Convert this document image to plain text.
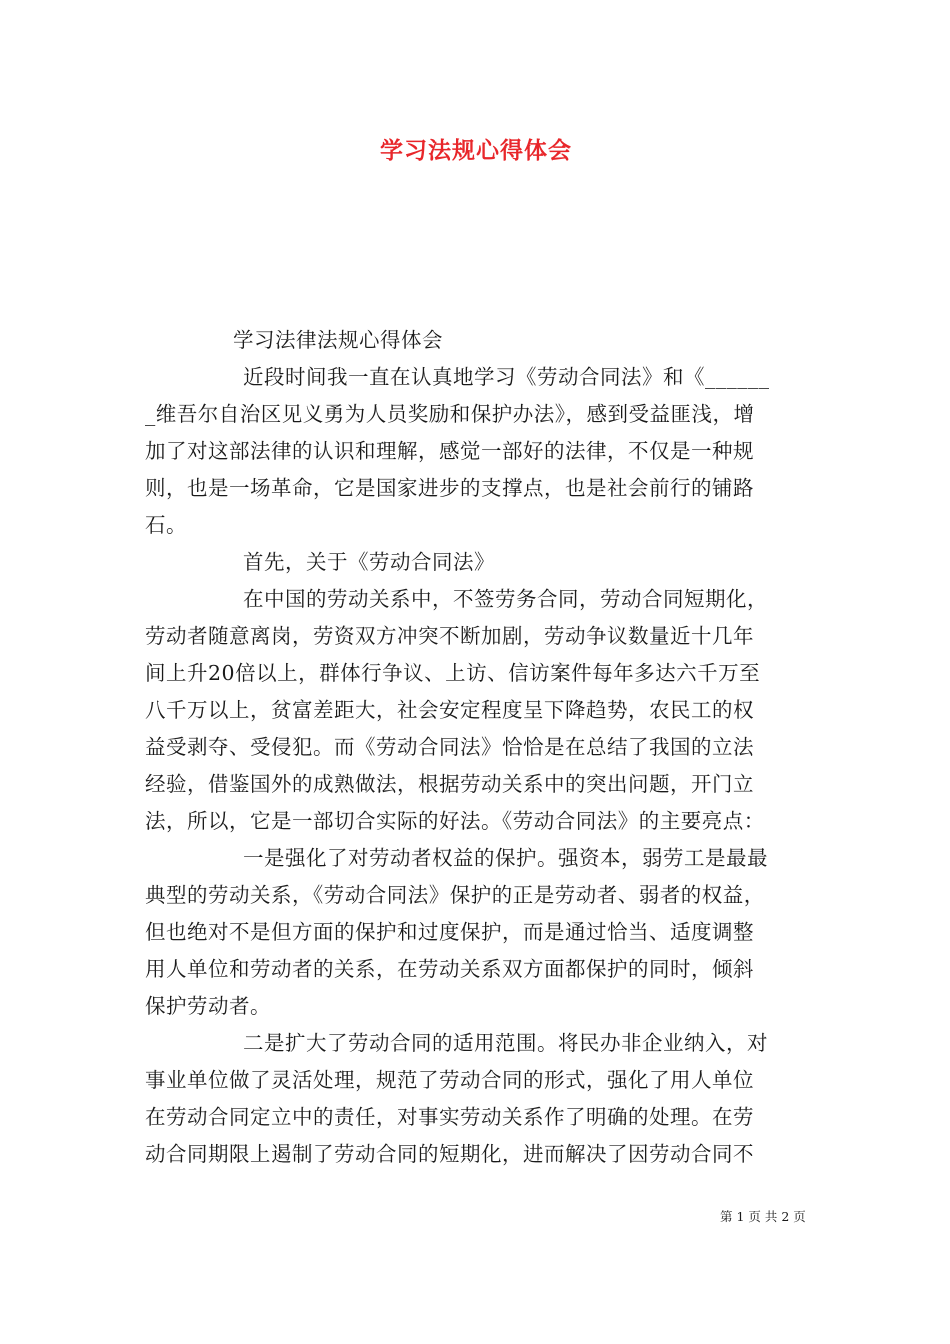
学习法规心得体会
学习法律法规心得体会
近段时间我一直在认真地学习《劳动合同法》和《______
_维吾尔自治区见义勇为人员奖励和保护办法》，感到受益匪浅，增
加了对这部法律的认识和理解，感觉一部好的法律，不仅是一种规
则，也是一场革命，它是国家进步的支撑点，也是社会前行的铺路
石。
首先，关于《劳动合同法》
在中国的劳动关系中，不签劳务合同，劳动合同短期化，
劳动者随意离岗，劳资双方冲突不断加剧，劳动争议数量近十几年
间上升20倍以上，群体行争议、上访、信访案件每年多达六千万至
八千万以上，贫富差距大，社会安定程度呈下降趋势，农民工的权
益受剥夺、受侵犯。而《劳动合同法》恰恰是在总结了我国的立法
经验，借鉴国外的成熟做法，根据劳动关系中的突出问题，开门立
法，所以，它是一部切合实际的好法。《劳动合同法》的主要亮点：
一是强化了对劳动者权益的保护。强资本，弱劳工是最最
典型的劳动关系，《劳动合同法》保护的正是劳动者、弱者的权益，
但也绝对不是但方面的保护和过度保护，而是通过恰当、适度调整
用人单位和劳动者的关系，在劳动关系双方面都保护的同时，倾斜
保护劳动者。
二是扩大了劳动合同的适用范围。将民办非企业纳入，对
事业单位做了灵活处理，规范了劳动合同的形式，强化了用人单位
在劳动合同定立中的责任，对事实劳动关系作了明确的处理。在劳
动合同期限上遏制了劳动合同的短期化，进而解决了因劳动合同不
第 1 页 共 2 页
